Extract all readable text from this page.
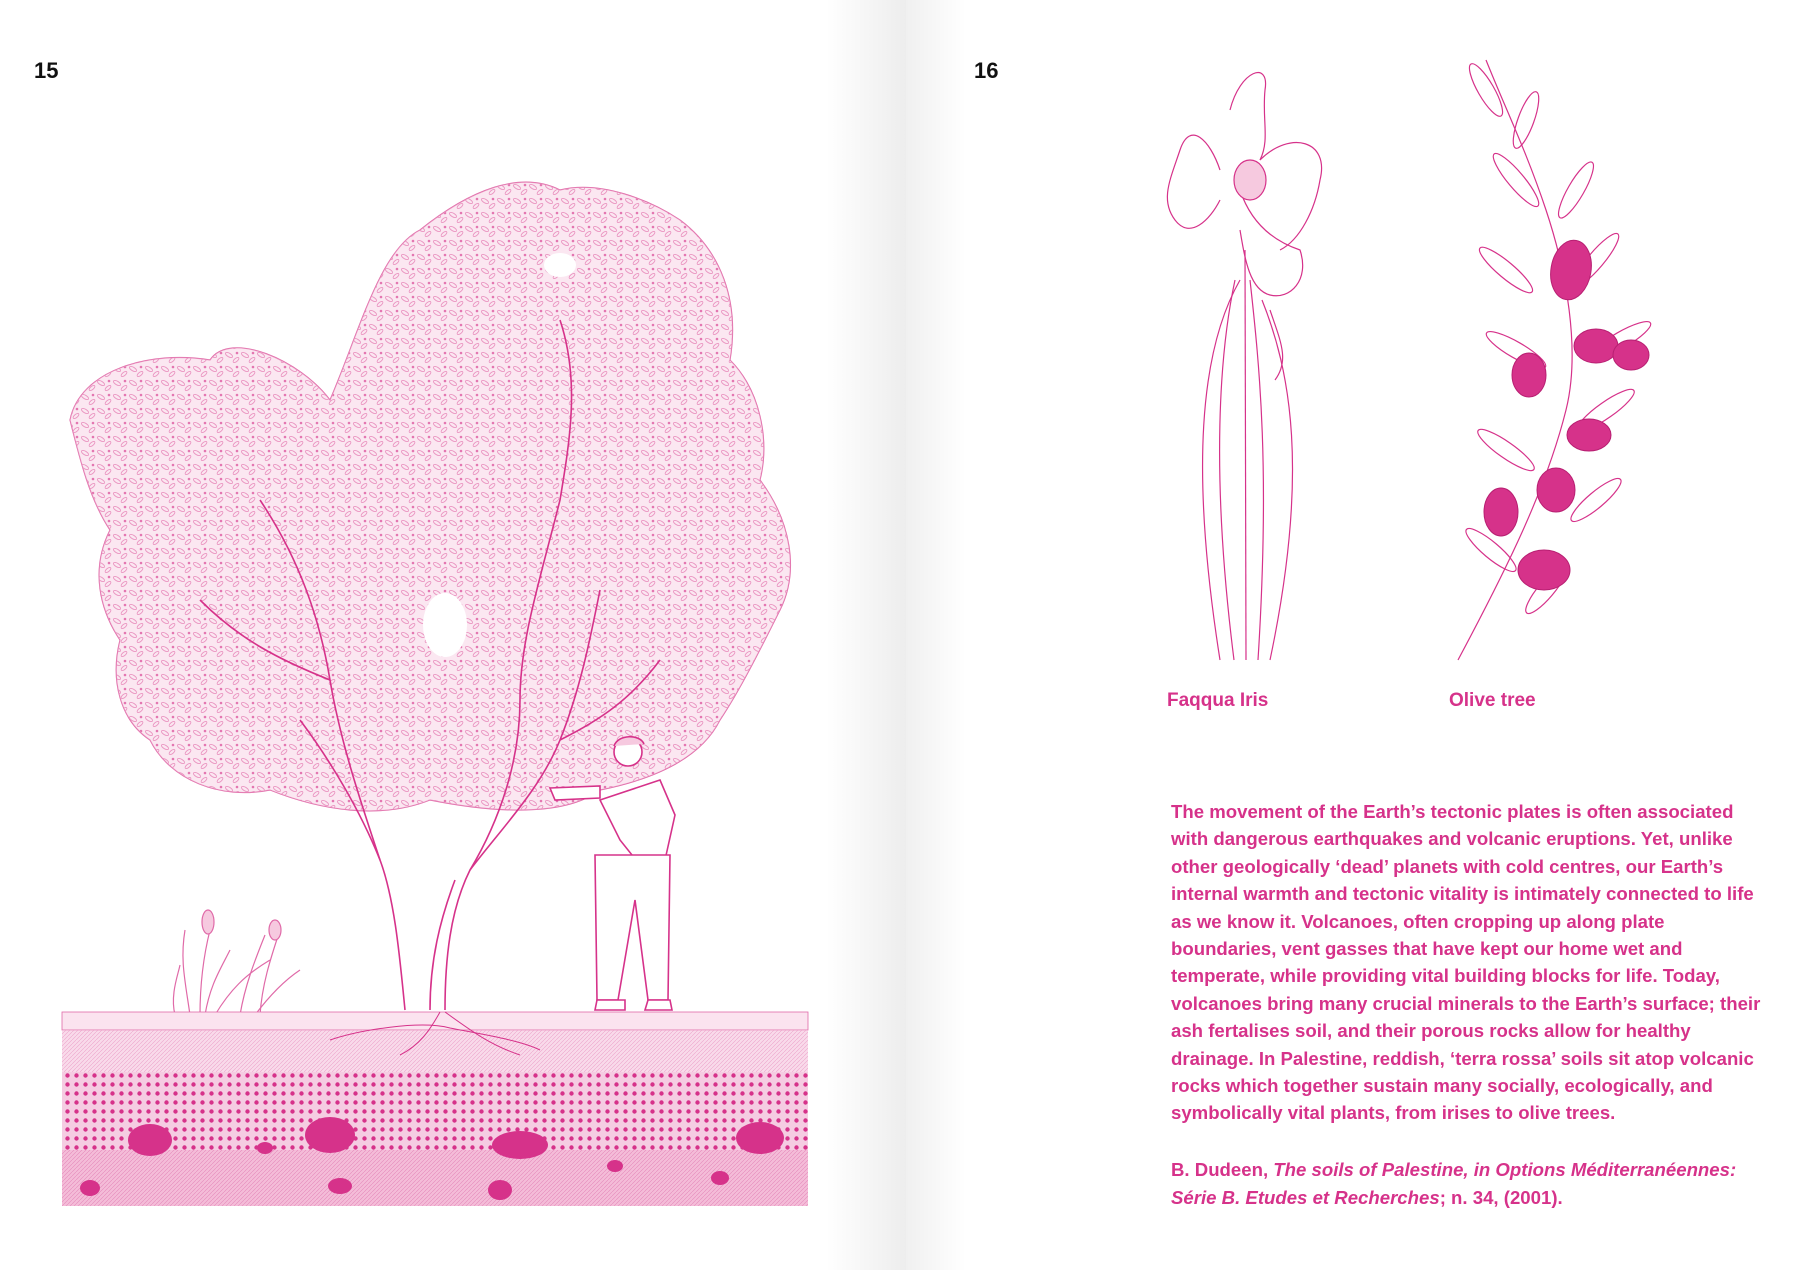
15	16
Faqqua Iris	Olive tree
The movement of the Earth’s tectonic plates is often associated with dangerous earthquakes and volcanic eruptions. Yet, unlike other geologically ‘dead’ planets with cold centres, our Earth’s internal warmth and tectonic vitality is intimately connected to life as we know it. Volcanoes, often cropping up along plate boundaries, vent gasses that have kept our home wet and temperate, while providing vital building blocks for life. Today, volcanoes bring many crucial minerals to the Earth’s surface; their ash fertalises soil, and their porous rocks allow for healthy drainage. In Palestine, reddish, ‘terra rossa’ soils sit atop volcanic rocks which together sustain many socially, ecologically, and symbolically vital plants, from irises to olive trees.
B. Dudeen, The soils of Palestine, in Options Méditerranéennes: Série B. Etudes et Recherches; n. 34, (2001).
